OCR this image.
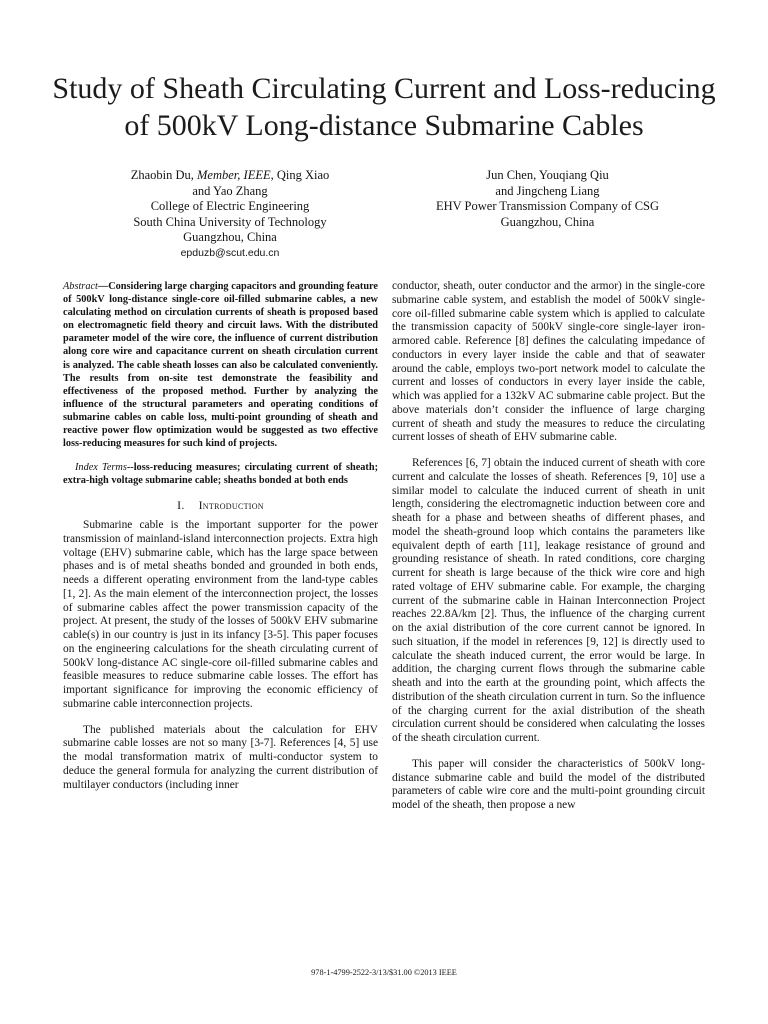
Study of Sheath Circulating Current and Loss-reducing
of 500kV Long-distance Submarine Cables
Zhaobin Du, Member, IEEE, Qing Xiao
and Yao Zhang
College of Electric Engineering
South China University of Technology
Guangzhou, China
epduzb@scut.edu.cn
Jun Chen, Youqiang Qiu
and Jingcheng Liang
EHV Power Transmission Company of CSG
Guangzhou, China

Abstract—Considering large charging capacitors and grounding feature of 500kV long-distance single-core oil-filled submarine cables, a new calculating method on circulation currents of sheath is proposed based on electromagnetic field theory and circuit laws. With the distributed parameter model of the wire core, the influence of current distribution along core wire and capacitance current on sheath circulation current is analyzed. The cable sheath losses can also be calculated conveniently. The results from on-site test demonstrate the feasibility and effectiveness of the proposed method. Further by analyzing the influence of the structural parameters and operating conditions of submarine cables on cable loss, multi-point grounding of sheath and reactive power flow optimization would be suggested as two effective loss-reducing measures for such kind of projects.

Index Terms--loss-reducing measures; circulating current of sheath; extra-high voltage submarine cable; sheaths bonded at both ends

I. Introduction

Submarine cable is the important supporter for the power transmission of mainland-island interconnection projects. Extra high voltage (EHV) submarine cable, which has the large space between phases and is of metal sheaths bonded and grounded in both ends, needs a different operating environment from the land-type cables [1, 2]. As the main element of the interconnection project, the losses of submarine cables affect the power transmission capacity of the project. At present, the study of the losses of 500kV EHV submarine cable(s) in our country is just in its infancy [3-5]. This paper focuses on the engineering calculations for the sheath circulating current of 500kV long-distance AC single-core oil-filled submarine cables and feasible measures to reduce submarine cable losses. The effort has important significance for improving the economic efficiency of submarine cable interconnection projects.

The published materials about the calculation for EHV submarine cable losses are not so many [3-7]. References [4, 5] use the modal transformation matrix of multi-conductor system to deduce the general formula for analyzing the current distribution of multilayer conductors (including inner

conductor, sheath, outer conductor and the armor) in the single-core submarine cable system, and establish the model of 500kV single-core oil-filled submarine cable system which is applied to calculate the transmission capacity of 500kV single-core single-layer iron-armored cable. Reference [8] defines the calculating impedance of conductors in every layer inside the cable and that of seawater around the cable, employs two-port network model to calculate the current and losses of conductors in every layer inside the cable, which was applied for a 132kV AC submarine cable project. But the above materials don’t consider the influence of large charging current of sheath and study the measures to reduce the circulating current losses of sheath of EHV submarine cable.

References [6, 7] obtain the induced current of sheath with core current and calculate the losses of sheath. References [9, 10] use a similar model to calculate the induced current of sheath in unit length, considering the electromagnetic induction between core and sheath for a phase and between sheaths of different phases, and model the sheath-ground loop which contains the parameters like equivalent depth of earth [11], leakage resistance of ground and grounding resistance of sheath. In rated conditions, core charging current for sheath is large because of the thick wire core and high rated voltage of EHV submarine cable. For example, the charging current of the submarine cable in Hainan Interconnection Project reaches 22.8A/km [2]. Thus, the influence of the charging current on the axial distribution of the core current cannot be ignored. In such situation, if the model in references [9, 12] is directly used to calculate the sheath induced current, the error would be large. In addition, the charging current flows through the submarine cable sheath and into the earth at the grounding point, which affects the distribution of the sheath circulation current in turn. So the influence of the charging current for the axial distribution of the sheath circulation current should be considered when calculating the losses of the sheath circulation current.

This paper will consider the characteristics of 500kV long-distance submarine cable and build the model of the distributed parameters of cable wire core and the multi-point grounding circuit model of the sheath, then propose a new

978-1-4799-2522-3/13/$31.00 ©2013 IEEE
